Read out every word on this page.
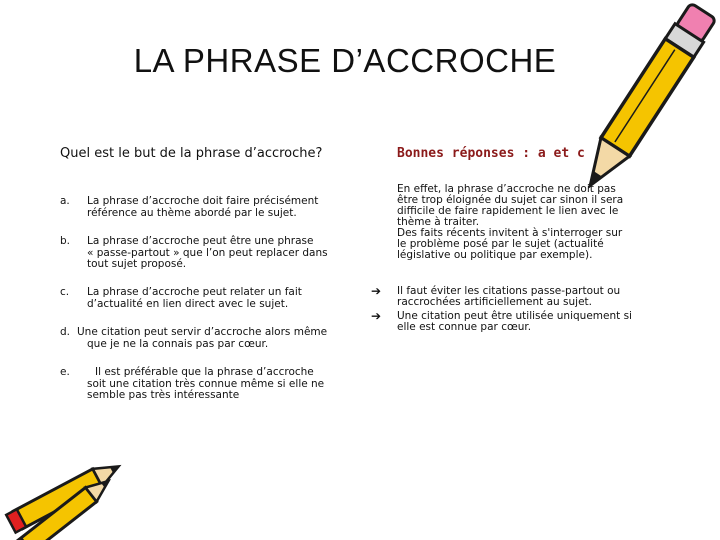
LA PHRASE D’ACCROCHE
Quel est le but de la phrase d’accroche?	Bonnes réponses : a et c
a. La phrase d’accroche doit faire précisément
référence au thème abordé par le sujet.
b. La phrase d’accroche peut être une phrase
« passe-partout » que l’on peut replacer dans
tout sujet proposé.
c. La phrase d’accroche peut relater un fait
d’actualité en lien direct avec le sujet.
d. Une citation peut servir d’accroche alors même
que je ne la connais pas par cœur.
e.	Il est préférable que la phrase d’accroche
soit une citation très connue même si elle ne
semble pas très intéressante
En effet, la phrase d’accroche ne doit pas
être trop éloignée du sujet car sinon il sera
difficile de faire rapidement le lien avec le
thème à traiter.
Des faits récents invitent à s'interroger sur
le problème posé par le sujet (actualité
législative ou politique par exemple).
➔ Il faut éviter les citations passe-partout ou
raccrochées artificiellement au sujet.
➔ Une citation peut être utilisée uniquement si
elle est connue par cœur.
